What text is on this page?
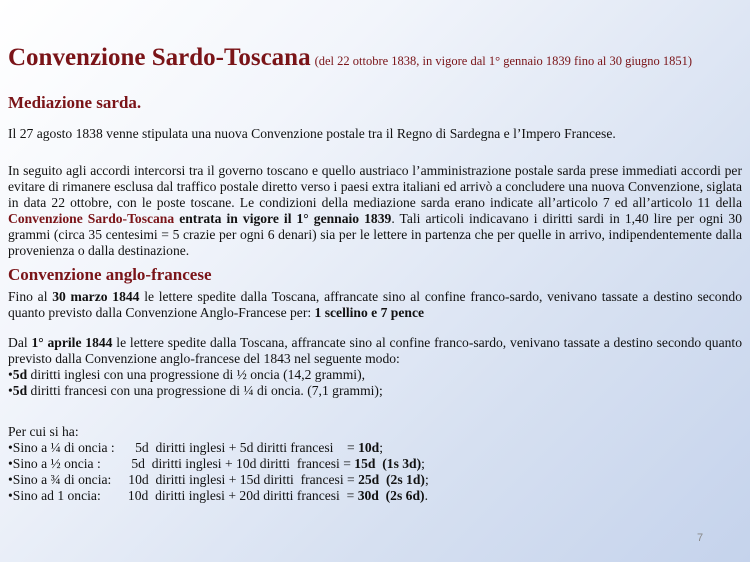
Convenzione Sardo-Toscana (del 22 ottobre 1838, in vigore dal 1° gennaio 1839 fino al 30 giugno 1851)
Mediazione sarda.

Il 27 agosto 1838 venne stipulata una nuova Convenzione postale tra il Regno di Sardegna e l’Impero Francese.

In seguito agli accordi intercorsi tra il governo toscano e quello austriaco l’amministrazione postale sarda prese immediati accordi per evitare di rimanere esclusa dal traffico postale diretto verso i paesi extra italiani ed arrivò a concludere una nuova Convenzione, siglata in data 22 ottobre, con le poste toscane. Le condizioni della mediazione sarda erano indicate all’articolo 7 ed all’articolo 11 della Convenzione Sardo-Toscana entrata in vigore il 1° gennaio 1839. Tali articoli indicavano i diritti sardi in 1,40 lire per ogni 30 grammi (circa 35 centesimi = 5 crazie per ogni 6 denari) sia per le lettere in partenza che per quelle in arrivo, indipendentemente dalla provenienza o dalla destinazione.

Convenzione anglo-francese

Fino al 30 marzo 1844 le lettere spedite dalla Toscana, affrancate sino al confine franco-sardo, venivano tassate a destino secondo quanto previsto dalla Convenzione Anglo-Francese per: 1 scellino e 7 pence

Dal 1° aprile 1844 le lettere spedite dalla Toscana, affrancate sino al confine franco-sardo, venivano tassate a destino secondo quanto previsto dalla Convenzione anglo-francese del 1843 nel seguente modo:

•5d diritti inglesi con una progressione di ½ oncia (14,2 grammi),

•5d diritti francesi con una progressione di ¼ di oncia. (7,1 grammi);

Per cui si ha:

•Sino a ¼ di oncia :      5d  diritti inglesi + 5d diritti francesi    = 10d;

•Sino a ½ oncia :         5d  diritti inglesi + 10d diritti  francesi = 15d  (1s 3d);

•Sino a ¾ di oncia:     10d  diritti inglesi + 15d diritti  francesi = 25d  (2s 1d);

•Sino ad 1 oncia:        10d  diritti inglesi + 20d diritti francesi  = 30d  (2s 6d).

7
